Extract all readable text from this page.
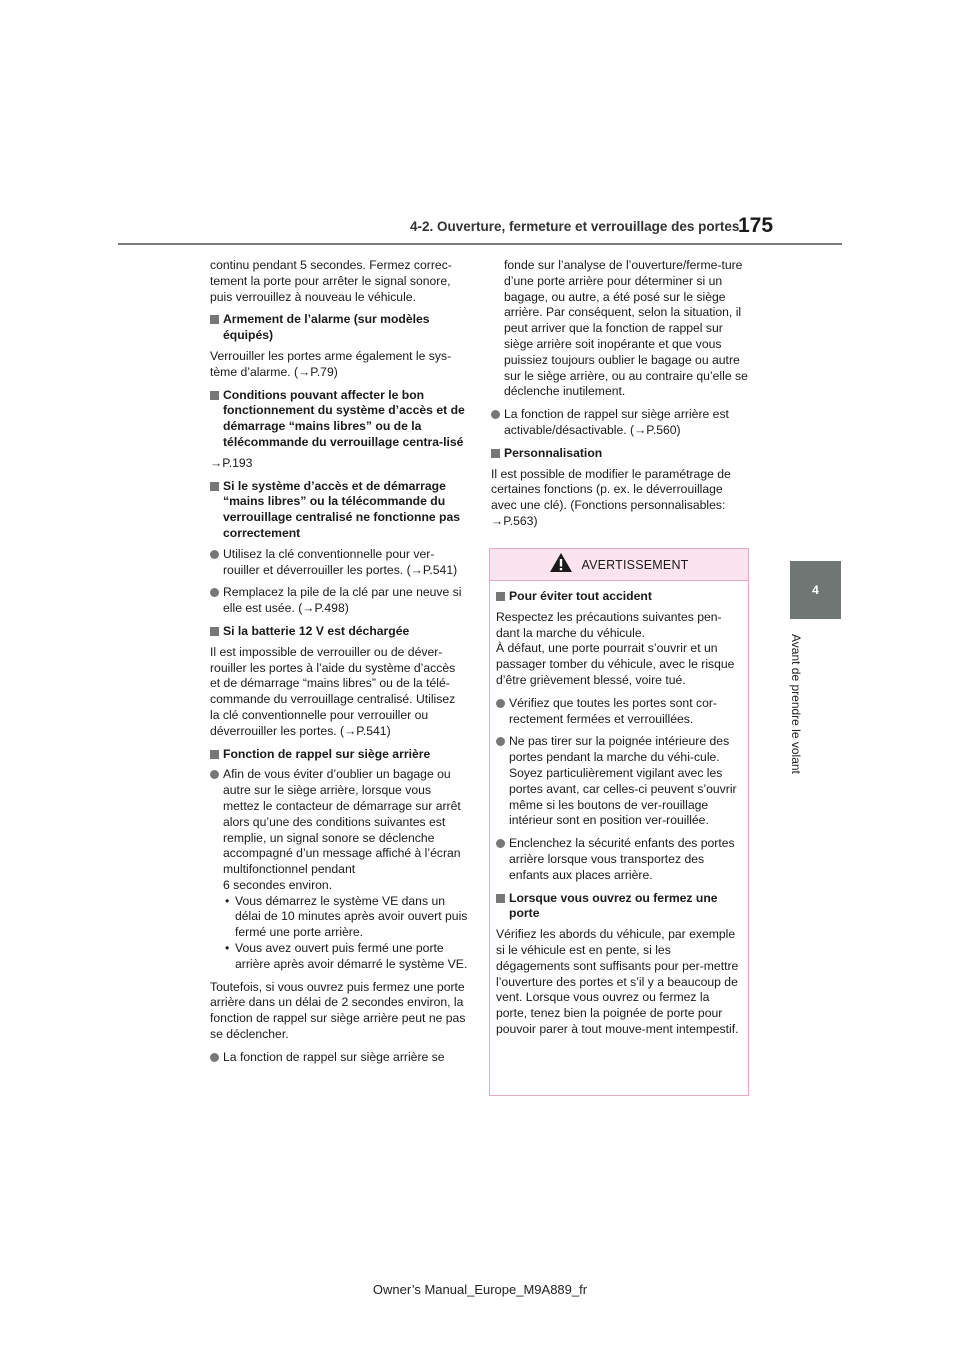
4-2. Ouverture, fermeture et verrouillage des portes
175
4
Avant de prendre le volant

continu pendant 5 secondes. Fermez correc-tement la porte pour arrêter le signal sonore, puis verrouillez à nouveau le véhicule.

Armement de l’alarme (sur modèles équipés)

Verrouiller les portes arme également le sys-tème d’alarme. (→P.79)

Conditions pouvant affecter le bon fonctionnement du système d’accès et de démarrage “mains libres” ou de la télécommande du verrouillage centra-lisé

→P.193

Si le système d’accès et de démarrage “mains libres” ou la télécommande du verrouillage centralisé ne fonctionne pas correctement
Utilisez la clé conventionnelle pour ver-rouiller et déverrouiller les portes. (→P.541)
Remplacez la pile de la clé par une neuve si elle est usée. (→P.498)
Si la batterie 12 V est déchargée

Il est impossible de verrouiller ou de déver-rouiller les portes à l’aide du système d’accès et de démarrage “mains libres” ou de la télé-commande du verrouillage centralisé. Utilisez la clé conventionnelle pour verrouiller ou déverrouiller les portes. (→P.541)

Fonction de rappel sur siège arrière
Afin de vous éviter d’oublier un bagage ou autre sur le siège arrière, lorsque vous mettez le contacteur de démarrage sur arrêt alors qu’une des conditions suivantes est remplie, un signal sonore se déclenche accompagné d’un message affiché à l’écran multifonctionnel pendant
6 secondes environ.
• Vous démarrez le système VE dans un délai de 10 minutes après avoir ouvert puis fermé une porte arrière.
• Vous avez ouvert puis fermé une porte arrière après avoir démarré le système VE.

Toutefois, si vous ouvrez puis fermez une porte arrière dans un délai de 2 secondes environ, la fonction de rappel sur siège arrière peut ne pas se déclencher.

La fonction de rappel sur siège arrière se

fonde sur l’analyse de l’ouverture/ferme-ture d’une porte arrière pour déterminer si un bagage, ou autre, a été posé sur le siège arrière. Par conséquent, selon la situation, il peut arriver que la fonction de rappel sur siège arrière soit inopérante et que vous puissiez toujours oublier le bagage ou autre sur le siège arrière, ou au contraire qu’elle se déclenche inutilement.

La fonction de rappel sur siège arrière est activable/désactivable. (→P.560)
Personnalisation

Il est possible de modifier le paramétrage de certaines fonctions (p. ex. le déverrouillage avec une clé). (Fonctions personnalisables: →P.563)

AVERTISSEMENT
Pour éviter tout accident

Respectez les précautions suivantes pen-dant la marche du véhicule.
À défaut, une porte pourrait s’ouvrir et un passager tomber du véhicule, avec le risque d’être grièvement blessé, voire tué.

Vérifiez que toutes les portes sont cor-rectement fermées et verrouillées.
Ne pas tirer sur la poignée intérieure des portes pendant la marche du véhi-cule.
Soyez particulièrement vigilant avec les portes avant, car celles-ci peuvent s’ouvrir même si les boutons de ver-rouillage intérieur sont en position ver-rouillée.
Enclenchez la sécurité enfants des portes arrière lorsque vous transportez des enfants aux places arrière.
Lorsque vous ouvrez ou fermez une porte

Vérifiez les abords du véhicule, par exemple si le véhicule est en pente, si les dégagements sont suffisants pour per-mettre l’ouverture des portes et s’il y a beaucoup de vent. Lorsque vous ouvrez ou fermez la porte, tenez bien la poignée de porte pour pouvoir parer à tout mouve-ment intempestif.

Owner’s Manual_Europe_M9A889_fr
